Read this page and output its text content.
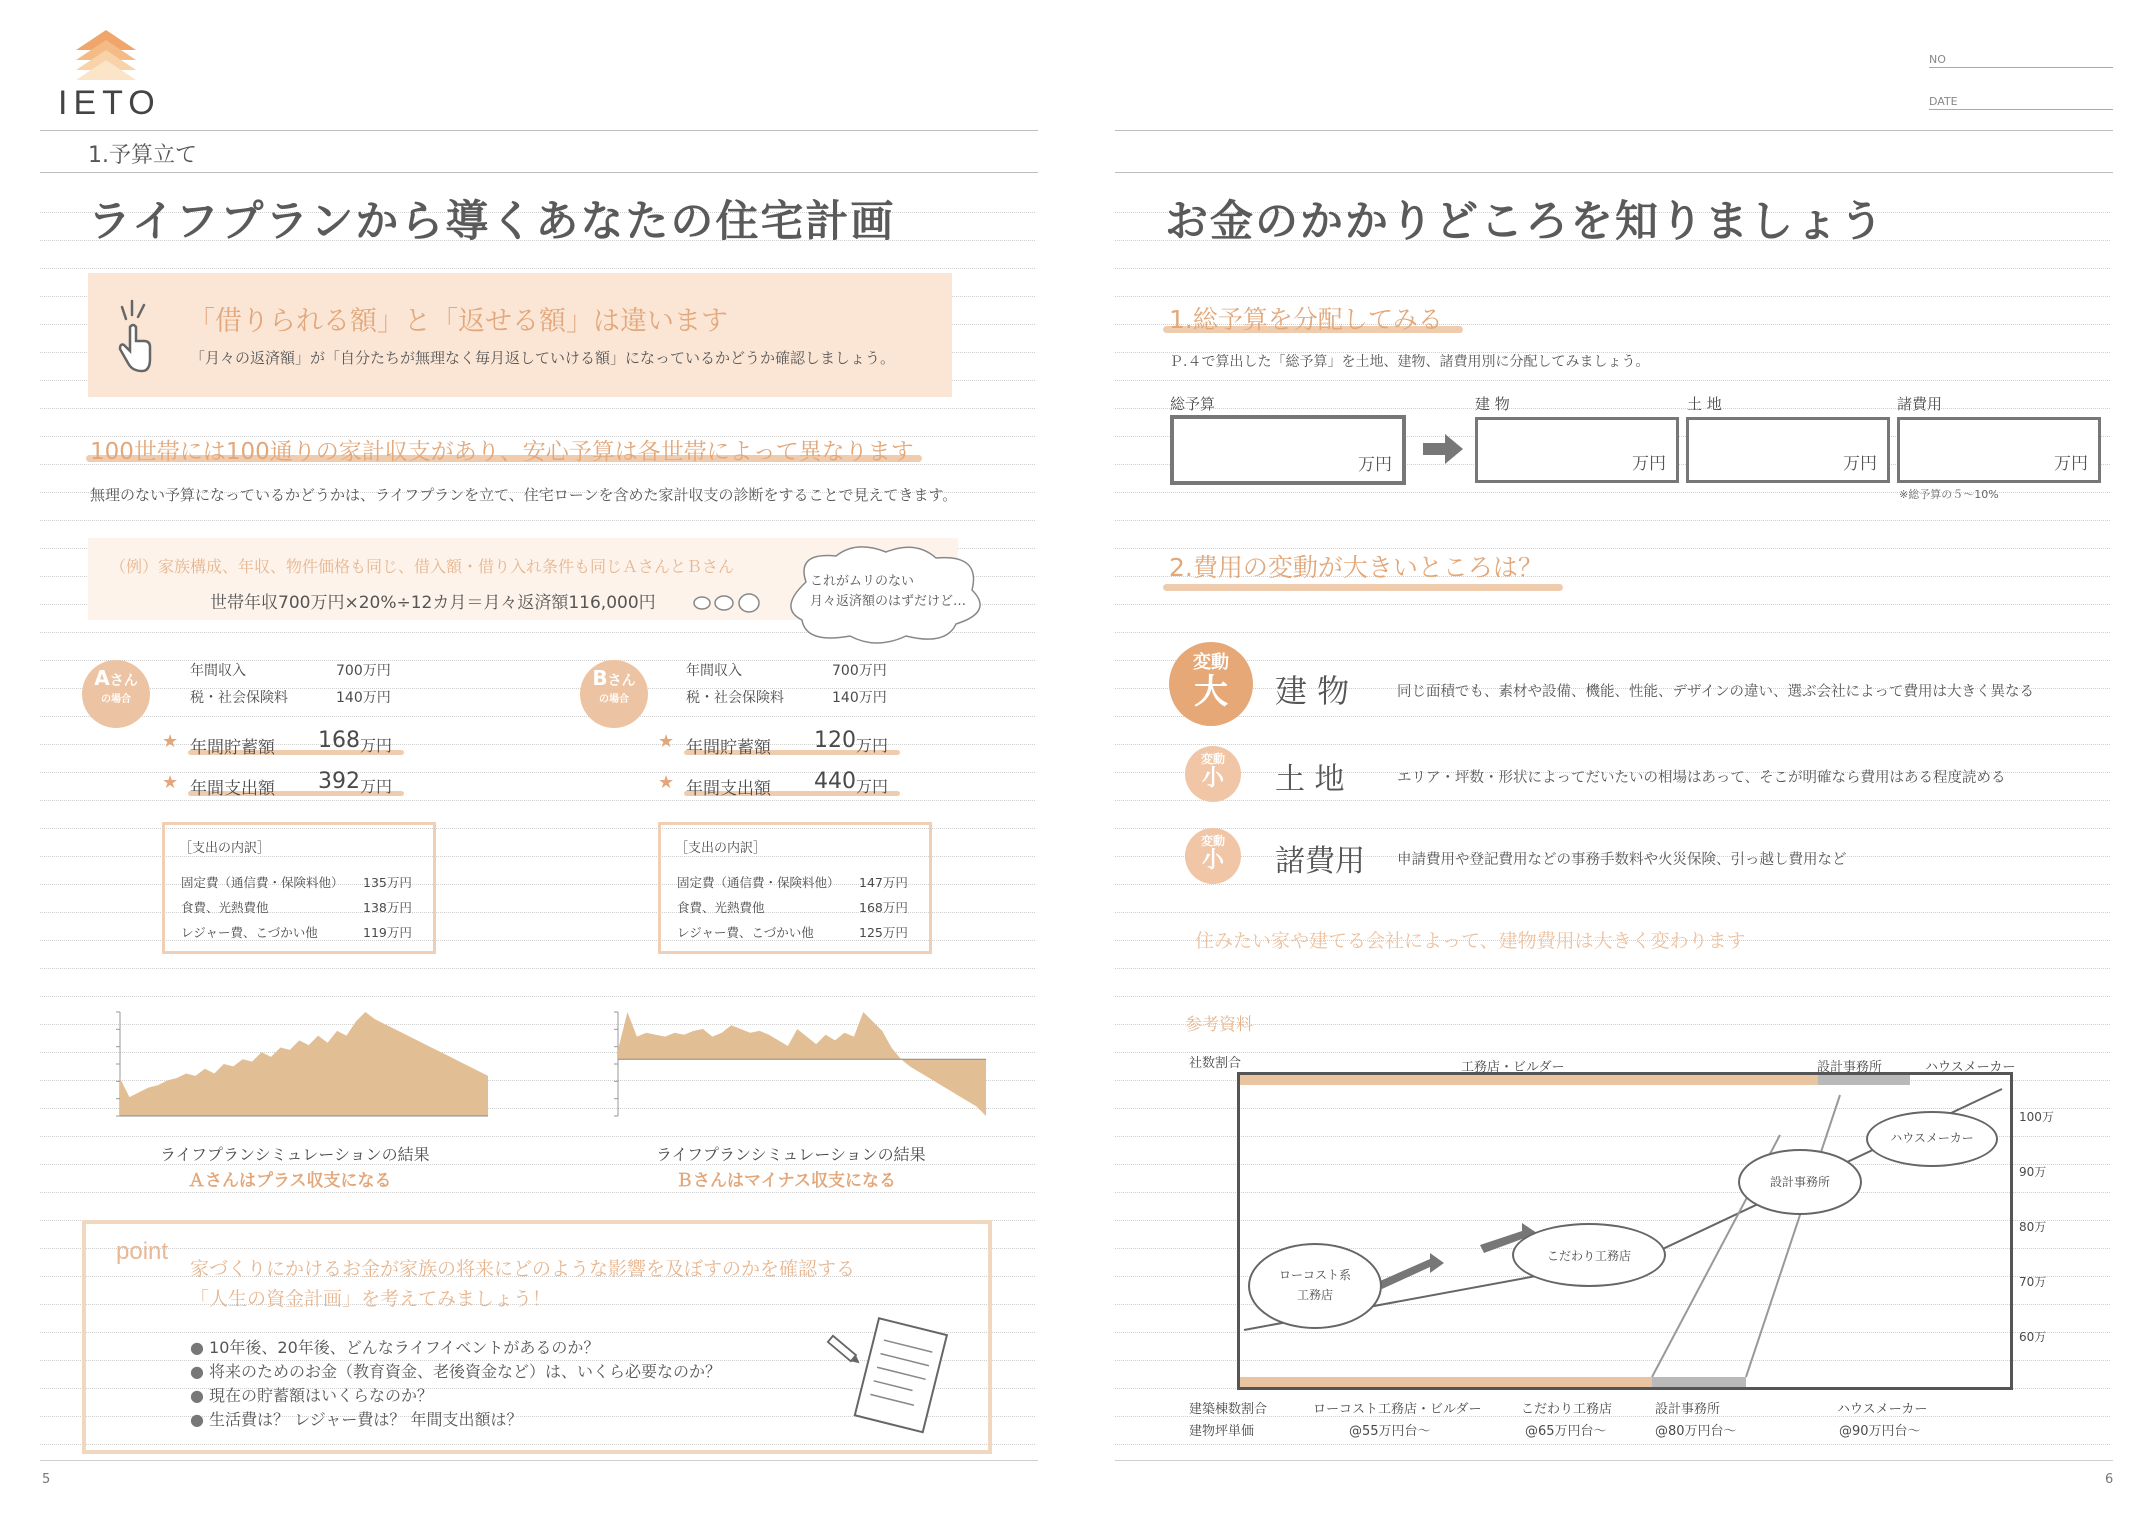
IETO
1.予算立て
ライフプランから導くあなたの住宅計画
「借りられる額」と「返せる額」は違います
「月々の返済額」が「自分たちが無理なく毎月返していける額」になっているかどうか確認しましょう。
100世帯には100通りの家計収支があり、安心予算は各世帯によって異なります
無理のない予算になっているかどうかは、ライフプランを立て、住宅ローンを含めた家計収支の診断をすることで見えてきます。
（例）家族構成、年収、物件価格も同じ、借入額・借り入れ条件も同じＡさんとＢさん
世帯年収700万円×20%÷12カ月＝月々返済額116,000円
これがムリのない
月々返済額のはずだけど…
Aさん
の場合
年間収入	700万円
税・社会保険料	140万円
★ 年間貯蓄額 168 万円
★ 年間支出額 392 万円
［支出の内訳］
固定費（通信費・保険料他） 135万円
食費、光熱費他	138万円
レジャー費、こづかい他	119万円
Bさん
の場合
年間収入	700万円
税・社会保険料	140万円
★ 年間貯蓄額 120 万円
★ 年間支出額 440 万円
［支出の内訳］
固定費（通信費・保険料他） 147万円
食費、光熱費他	168万円
レジャー費、こづかい他	125万円
ライフプランシミュレーションの結果
Ａさんはプラス収支になる
ライフプランシミュレーションの結果
Ｂさんはマイナス収支になる
point
家づくりにかけるお金が家族の将来にどのような影響を及ぼすのかを確認する
「人生の資金計画」を考えてみましょう！
● 10年後、20年後、どんなライフイベントがあるのか？
● 将来のためのお金（教育資金、老後資金など）は、いくら必要なのか？
● 現在の貯蓄額はいくらなのか？
● 生活費は？ レジャー費は？ 年間支出額は？
5
NO
DATE
お金のかかりどころを知りましょう
1.総予算を分配してみる
Ｐ.４で算出した「総予算」を土地、建物、諸費用別に分配してみましょう。
総予算
万円
建 物
万円
土 地
万円
諸費用
万円
※総予算の５～10%
2.費用の変動が大きいところは？
変動
大	建 物	同じ面積でも、素材や設備、機能、性能、デザインの違い、選ぶ会社によって費用は大きく異なる
変動
小	土 地	エリア・坪数・形状によってだいたいの相場はあって、そこが明確なら費用はある程度読める
変動
小	諸費用 申請費用や登記費用などの事務手数料や火災保険、引っ越し費用など
住みたい家や建てる会社によって、建物費用は大きく変わります
参考資料
社数割合	工務店・ビルダー	設計事務所	ハウスメーカー
ローコスト系
工務店
こだわり工務店
設計事務所
ハウスメーカー
100万
90万
80万
70万
60万
建築棟数割合
建物坪単価
ローコスト工務店・ビルダー	こだわり工務店	設計事務所	ハウスメーカー
@55万円台～	@65万円台～	@80万円台～	@90万円台～
6
